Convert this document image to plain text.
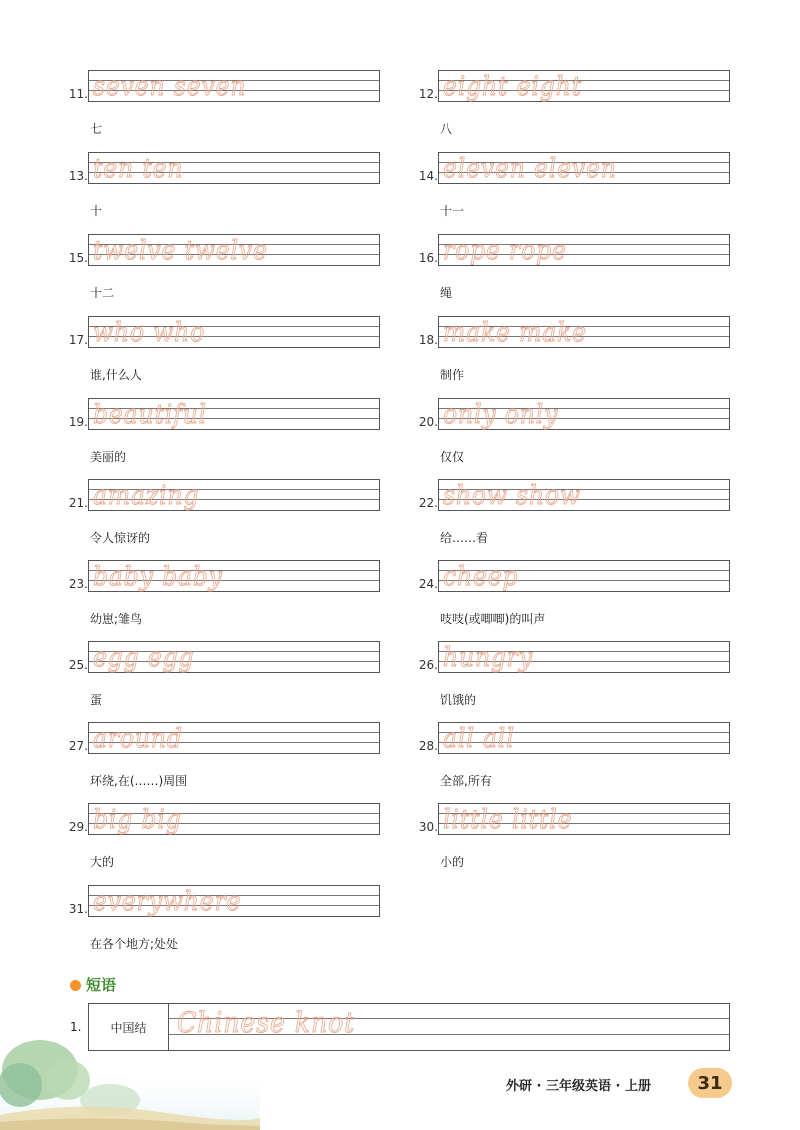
11. seven seven
七
12. eight eight
八
13. ten ten
十
14. eleven eleven
十一
15. twelve twelve
十二
16. rope rope
绳
17. who who
谁,什么人
18. make make
制作
19. beautiful
美丽的
20. only only
仅仅
21. amazing
令人惊讶的
22. show show
给……看
23. baby baby
幼崽;雏鸟
24. cheep
吱吱(或唧唧)的叫声
25. egg egg
蛋
26. hungry
饥饿的
27. around
环绕,在(……)周围
28. all all
全部,所有
29. big big
大的
30. little little
小的
31. everywhere
在各个地方;处处
短语
1. 中国结 Chinese knot
外研 · 三年级英语 · 上册	31
